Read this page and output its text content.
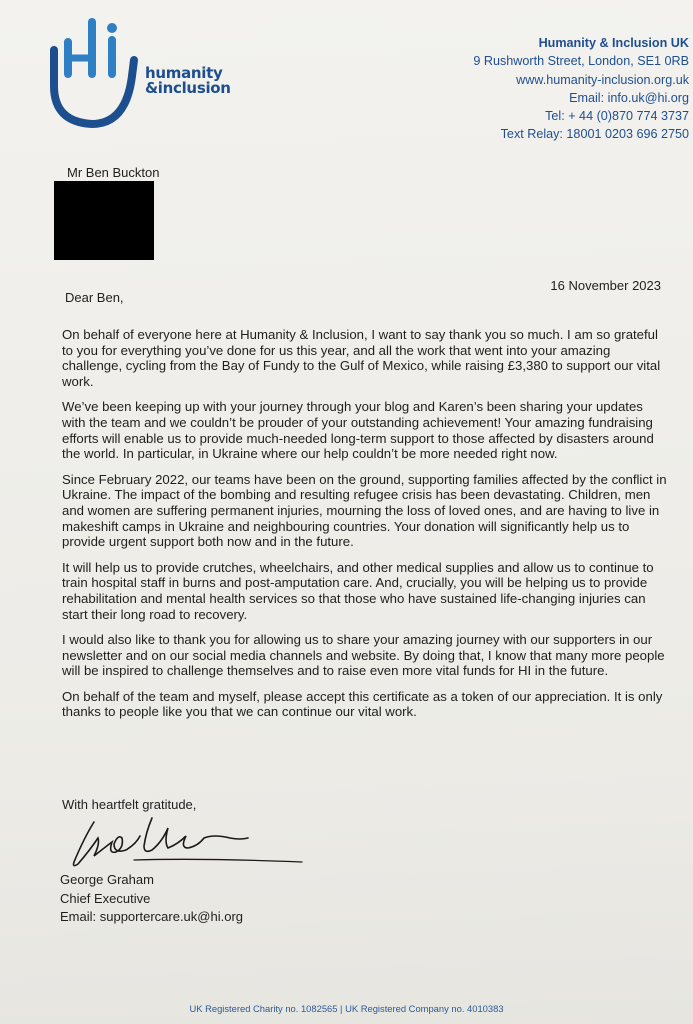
humanity
&inclusion
Humanity & Inclusion UK
9 Rushworth Street, London, SE1 0RB
www.humanity-inclusion.org.uk
Email: info.uk@hi.org
Tel: + 44 (0)870 774 3737
Text Relay: 18001 0203 696 2750
Mr Ben Buckton
16 November 2023
Dear Ben,

On behalf of everyone here at Humanity & Inclusion, I want to say thank you so much. I am so grateful to you for everything you’ve done for us this year, and all the work that went into your amazing challenge, cycling from the Bay of Fundy to the Gulf of Mexico, while raising £3,380 to support our vital work.

We’ve been keeping up with your journey through your blog and Karen’s been sharing your updates with the team and we couldn’t be prouder of your outstanding achievement! Your amazing fundraising efforts will enable us to provide much-needed long-term support to those affected by disasters around the world. In particular, in Ukraine where our help couldn’t be more needed right now.

Since February 2022, our teams have been on the ground, supporting families affected by the conflict in Ukraine. The impact of the bombing and resulting refugee crisis has been devastating. Children, men and women are suffering permanent injuries, mourning the loss of loved ones, and are having to live in makeshift camps in Ukraine and neighbouring countries. Your donation will significantly help us to provide urgent support both now and in the future.

It will help us to provide crutches, wheelchairs, and other medical supplies and allow us to continue to train hospital staff in burns and post-amputation care. And, crucially, you will be helping us to provide rehabilitation and mental health services so that those who have sustained life-changing injuries can start their long road to recovery.

I would also like to thank you for allowing us to share your amazing journey with our supporters in our newsletter and on our social media channels and website. By doing that, I know that many more people will be inspired to challenge themselves and to raise even more vital funds for HI in the future.

On behalf of the team and myself, please accept this certificate as a token of our appreciation. It is only thanks to people like you that we can continue our vital work.

With heartfelt gratitude,
George Graham
Chief Executive
Email: supportercare.uk@hi.org
UK Registered Charity no. 1082565 | UK Registered Company no. 4010383
